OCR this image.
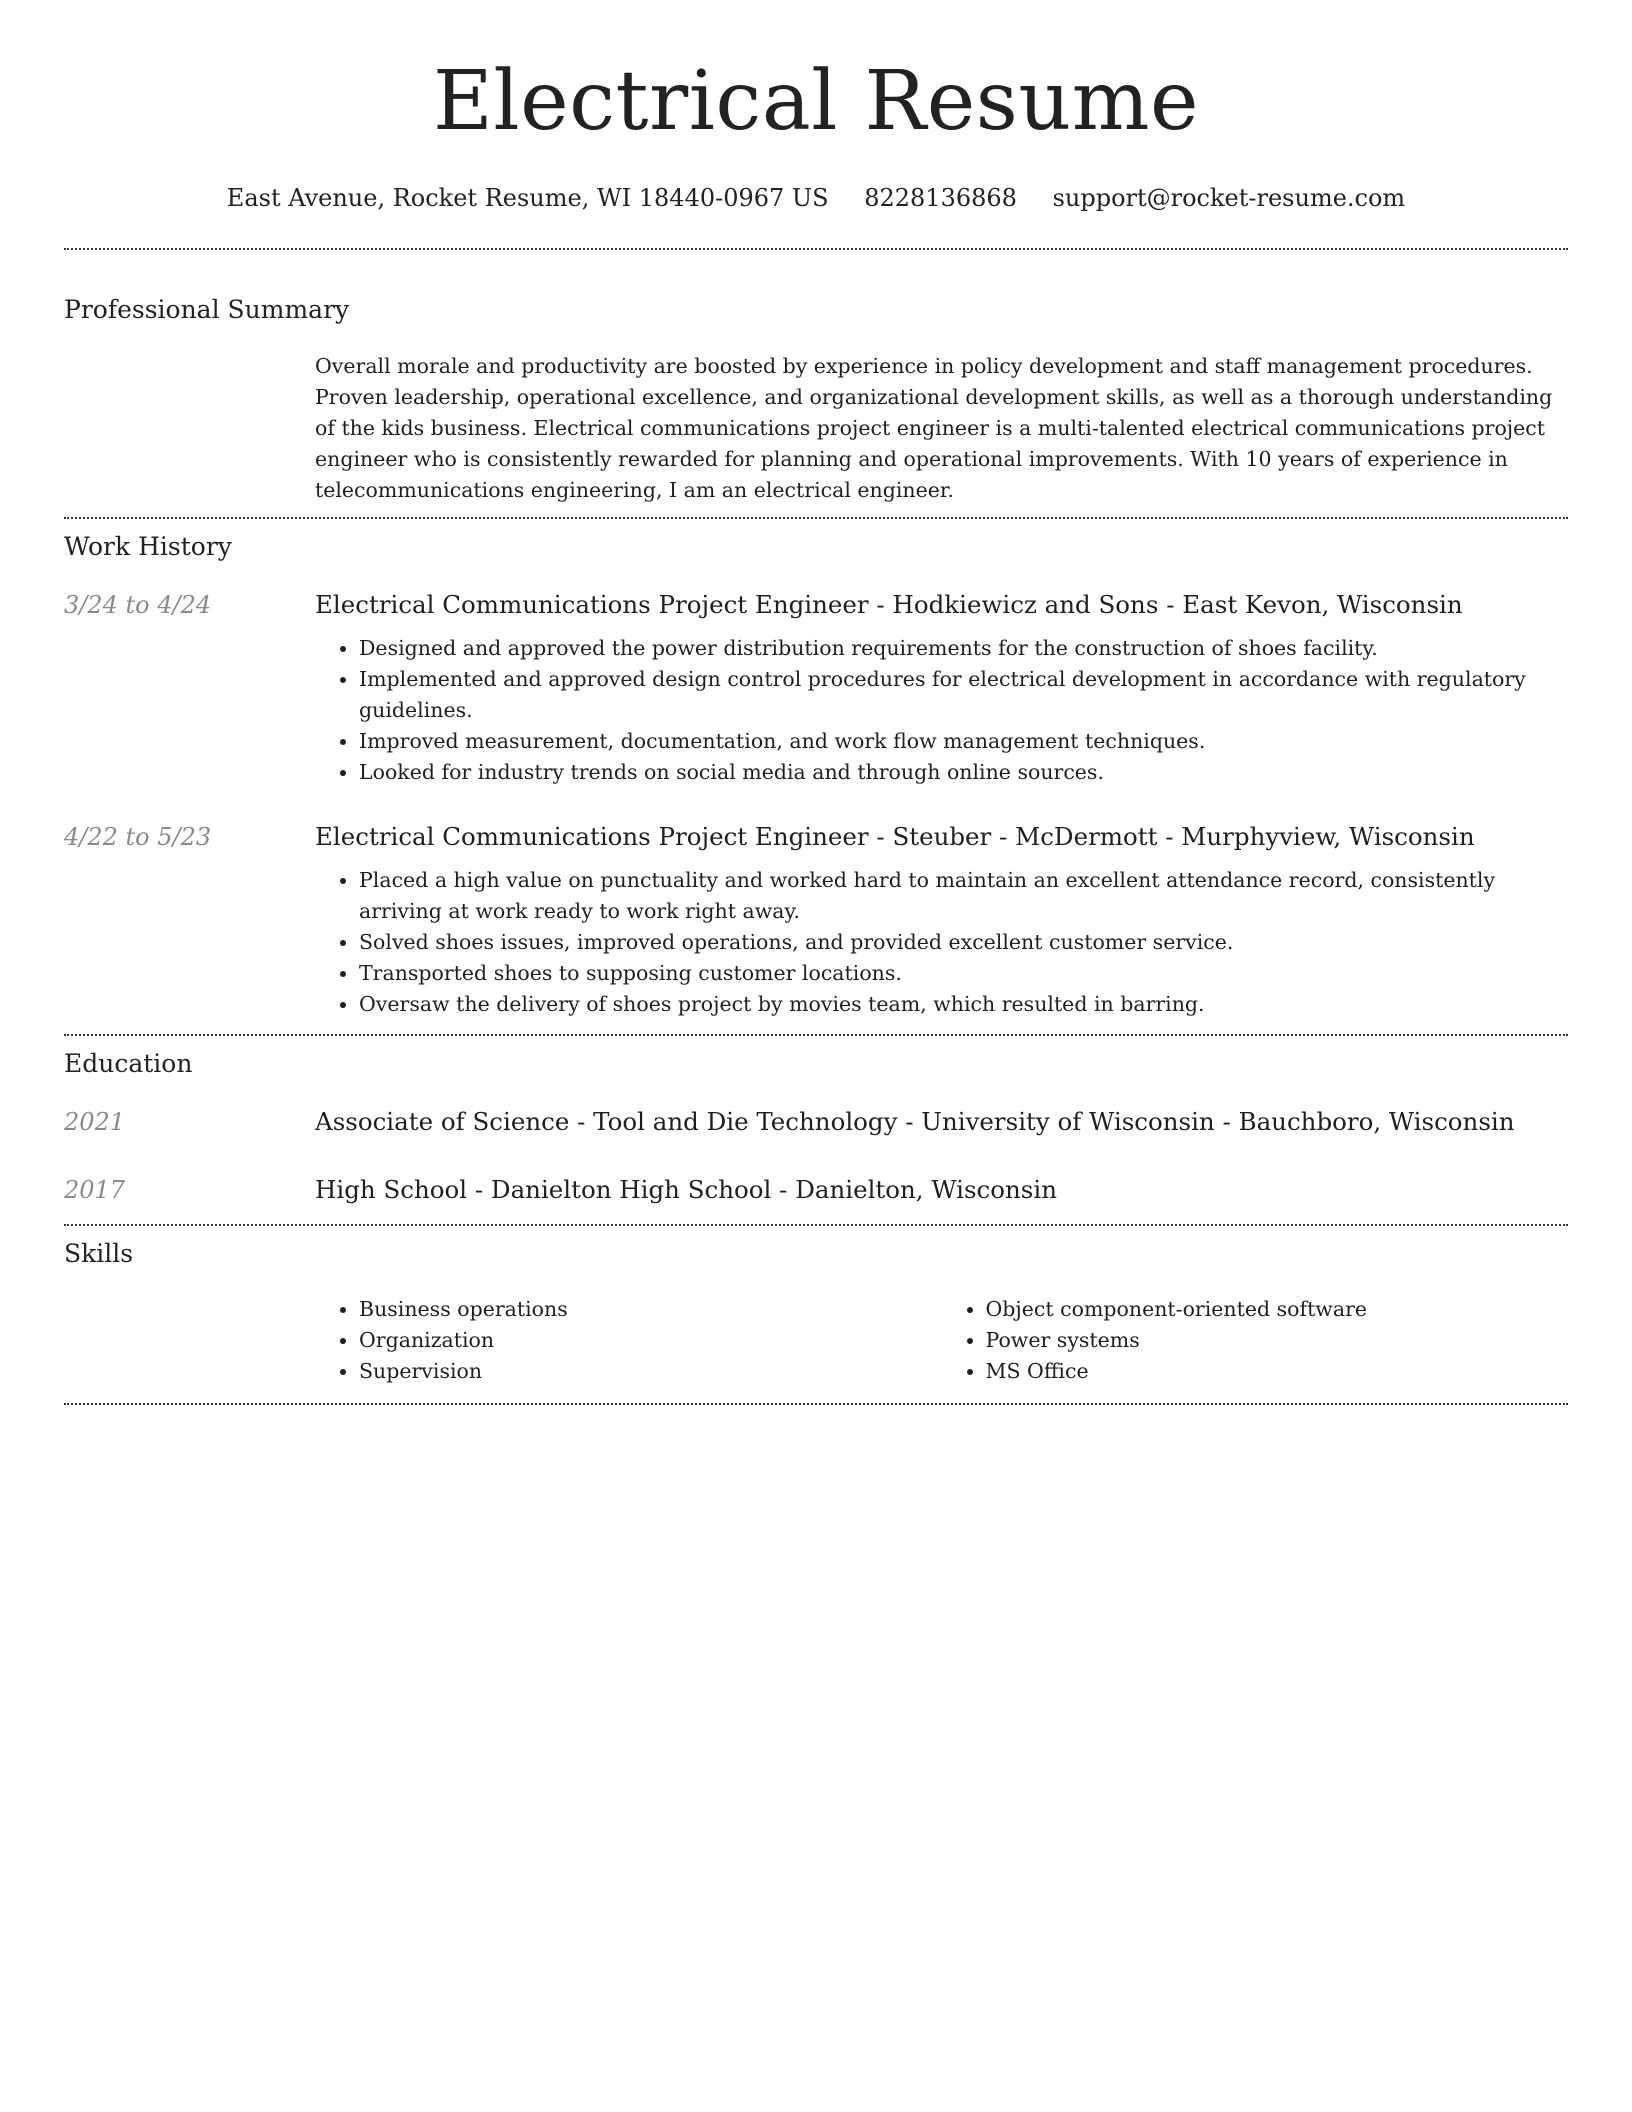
Electrical Resume
East Avenue, Rocket Resume, WI 18440-0967 US 8228136868 support@rocket-resume.com
Professional Summary

Overall morale and productivity are boosted by experience in policy development and staff management procedures. Proven leadership, operational excellence, and organizational development skills, as well as a thorough understanding of the kids business. Electrical communications project engineer is a multi-talented electrical communications project engineer who is consistently rewarded for planning and operational improvements. With 10 years of experience in telecommunications engineering, I am an electrical engineer.

Work History
3/24 to 4/24	Electrical Communications Project Engineer - Hodkiewicz and Sons - East Kevon, Wisconsin

• Designed and approved the power distribution requirements for the construction of shoes facility.
• Implemented and approved design control procedures for electrical development in accordance with regulatory guidelines.
• Improved measurement, documentation, and work flow management techniques.
• Looked for industry trends on social media and through online sources.
4/22 to 5/23	Electrical Communications Project Engineer - Steuber - McDermott - Murphyview, Wisconsin

• Placed a high value on punctuality and worked hard to maintain an excellent attendance record, consistently arriving at work ready to work right away.
• Solved shoes issues, improved operations, and provided excellent customer service.
• Transported shoes to supposing customer locations.
• Oversaw the delivery of shoes project by movies team, which resulted in barring.
Education
2021	Associate of Science - Tool and Die Technology - University of Wisconsin - Bauchboro, Wisconsin

2017	High School - Danielton High School - Danielton, Wisconsin

Skills
• Business operations
• Organization
• Supervision
• Object component-oriented software
• Power systems
• MS Office
